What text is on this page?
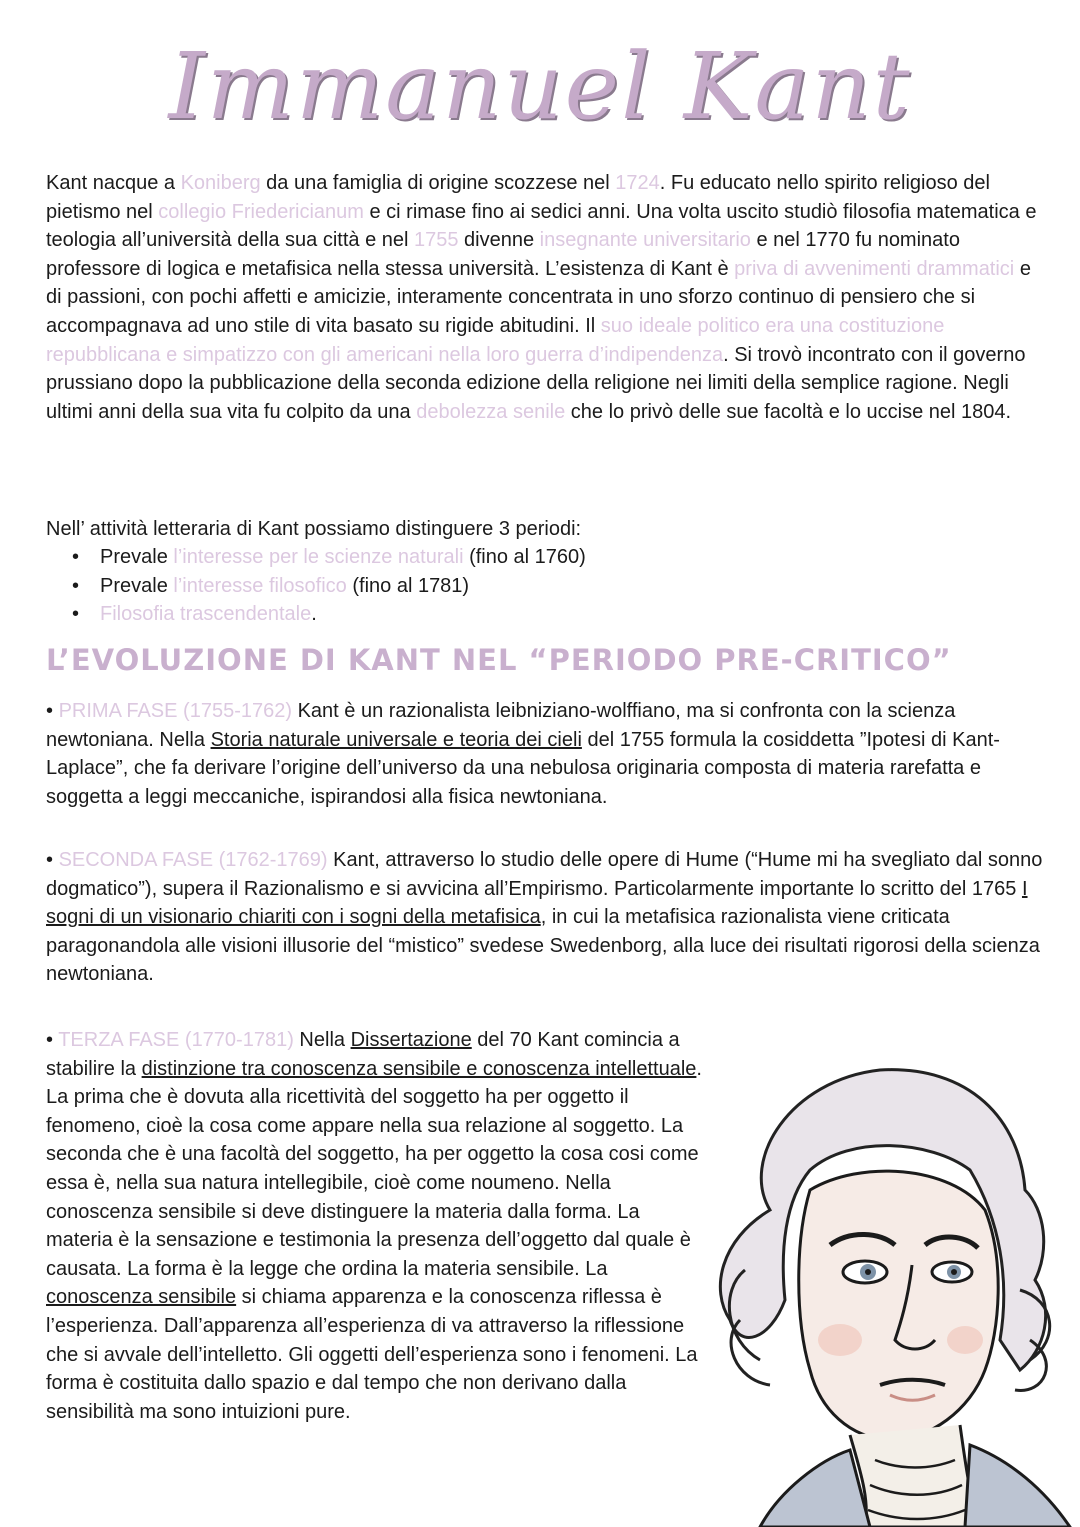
Immanuel Kant

Kant nacque a Koniberg da una famiglia di origine scozzese nel 1724. Fu educato nello spirito religioso del pietismo nel collegio Friedericianum e ci rimase fino ai sedici anni. Una volta uscito studiò filosofia matematica e teologia all’università della sua città e nel 1755 divenne insegnante universitario e nel 1770 fu nominato professore di logica e metafisica nella stessa università. L’esistenza di Kant è priva di avvenimenti drammatici e di passioni, con pochi affetti e amicizie, interamente concentrata in uno sforzo continuo di pensiero che si accompagnava ad uno stile di vita basato su rigide abitudini. Il suo ideale politico era una costituzione repubblicana e simpatizzo con gli americani nella loro guerra d’indipendenza. Si trovò incontrato con il governo prussiano dopo la pubblicazione della seconda edizione della religione nei limiti della semplice ragione. Negli ultimi anni della sua vita fu colpito da una debolezza senile che lo privò delle sue facoltà e lo uccise nel 1804.

Nell’ attività letteraria di Kant possiamo distinguere 3 periodi:

• Prevale l’interesse per le scienze naturali (fino al 1760)
• Prevale l’interesse filosofico (fino al 1781)
• Filosofia trascendentale.
L’EVOLUZIONE DI KANT NEL “PERIODO PRE-CRITICO”

• PRIMA FASE (1755-1762) Kant è un razionalista leibniziano-wolffiano, ma si confronta con la scienza newtoniana. Nella Storia naturale universale e teoria dei cieli del 1755 formula la cosiddetta ”Ipotesi di Kant-Laplace”, che fa derivare l’origine dell’universo da una nebulosa originaria composta di materia rarefatta e soggetta a leggi meccaniche, ispirandosi alla fisica newtoniana.

• SECONDA FASE (1762-1769) Kant, attraverso lo studio delle opere di Hume (“Hume mi ha svegliato dal sonno dogmatico”), supera il Razionalismo e si avvicina all’Empirismo. Particolarmente importante lo scritto del 1765 I sogni di un visionario chiariti con i sogni della metafisica, in cui la metafisica razionalista viene criticata paragonandola alle visioni illusorie del “mistico” svedese Swedenborg, alla luce dei risultati rigorosi della scienza newtoniana.

• TERZA FASE (1770-1781) Nella Dissertazione del 70 Kant comincia a stabilire la distinzione tra conoscenza sensibile e conoscenza intellettuale. La prima che è dovuta alla ricettività del soggetto ha per oggetto il fenomeno, cioè la cosa come appare nella sua relazione al soggetto. La seconda che è una facoltà del soggetto, ha per oggetto la cosa cosi come essa è, nella sua natura intellegibile, cioè come noumeno. Nella conoscenza sensibile si deve distinguere la materia dalla forma. La materia è la sensazione e testimonia la presenza dell’oggetto dal quale è causata. La forma è la legge che ordina la materia sensibile. La conoscenza sensibile si chiama apparenza e la conoscenza riflessa è l’esperienza. Dall’apparenza all’esperienza di va attraverso la riflessione che si avvale dell’intelletto. Gli oggetti dell’esperienza sono i fenomeni. La forma è costituita dallo spazio e dal tempo che non derivano dalla sensibilità ma sono intuizioni pure.
